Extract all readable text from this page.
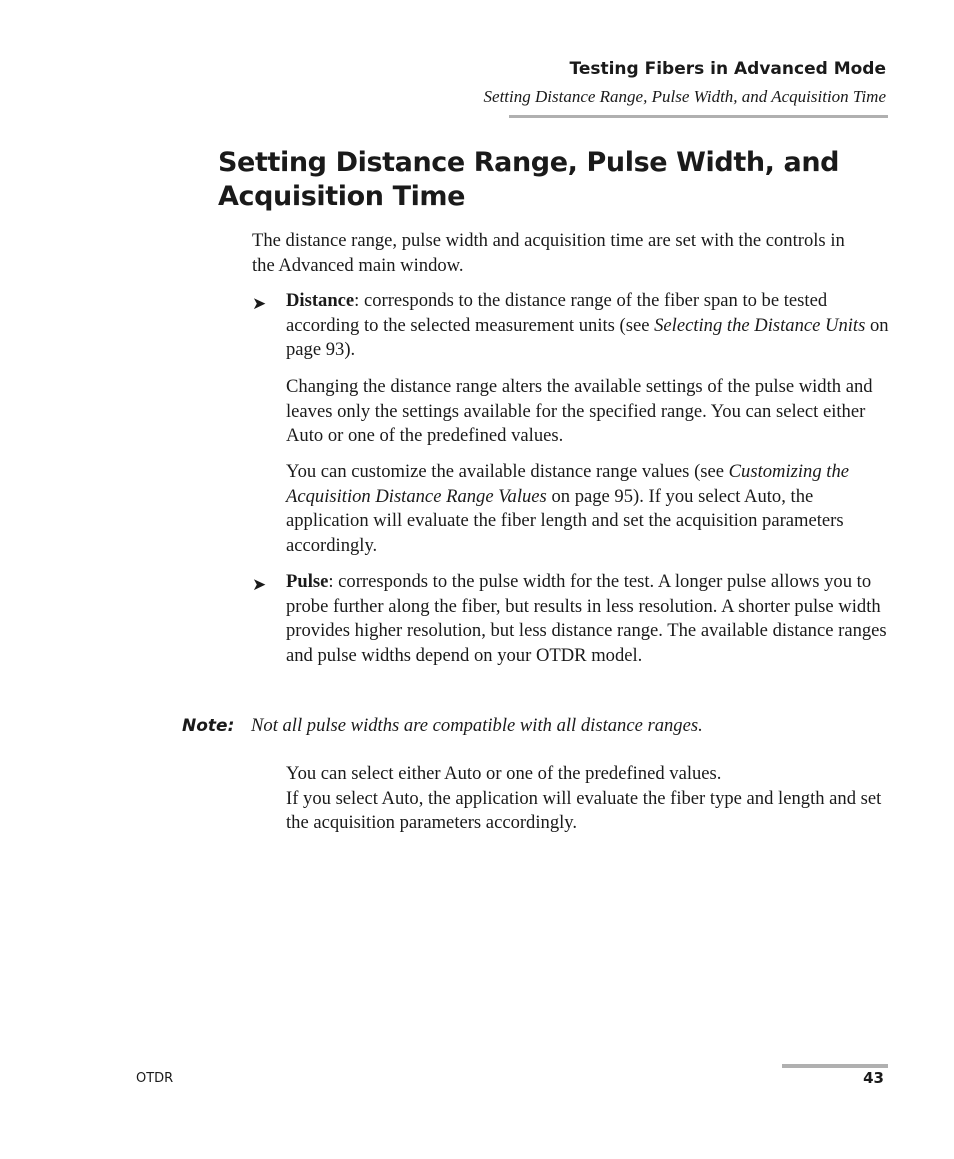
Testing Fibers in Advanced Mode
Setting Distance Range, Pulse Width, and Acquisition Time
Setting Distance Range, Pulse Width, and
Acquisition Time

The distance range, pulse width and acquisition time are set with the controls in the Advanced main window.

➤ Distance: corresponds to the distance range of the fiber span to be tested according to the selected measurement units (see Selecting the Distance Units on page 93).

Changing the distance range alters the available settings of the pulse width and leaves only the settings available for the specified range. You can select either Auto or one of the predefined values.

You can customize the available distance range values (see Customizing the Acquisition Distance Range Values on page 95). If you select Auto, the application will evaluate the fiber length and set the acquisition parameters accordingly.

➤ Pulse: corresponds to the pulse width for the test. A longer pulse allows you to probe further along the fiber, but results in less resolution. A shorter pulse width provides higher resolution, but less distance range. The available distance ranges and pulse widths depend on your OTDR model.

Note: Not all pulse widths are compatible with all distance ranges.

You can select either Auto or one of the predefined values.

If you select Auto, the application will evaluate the fiber type and length and set the acquisition parameters accordingly.

OTDR	43
